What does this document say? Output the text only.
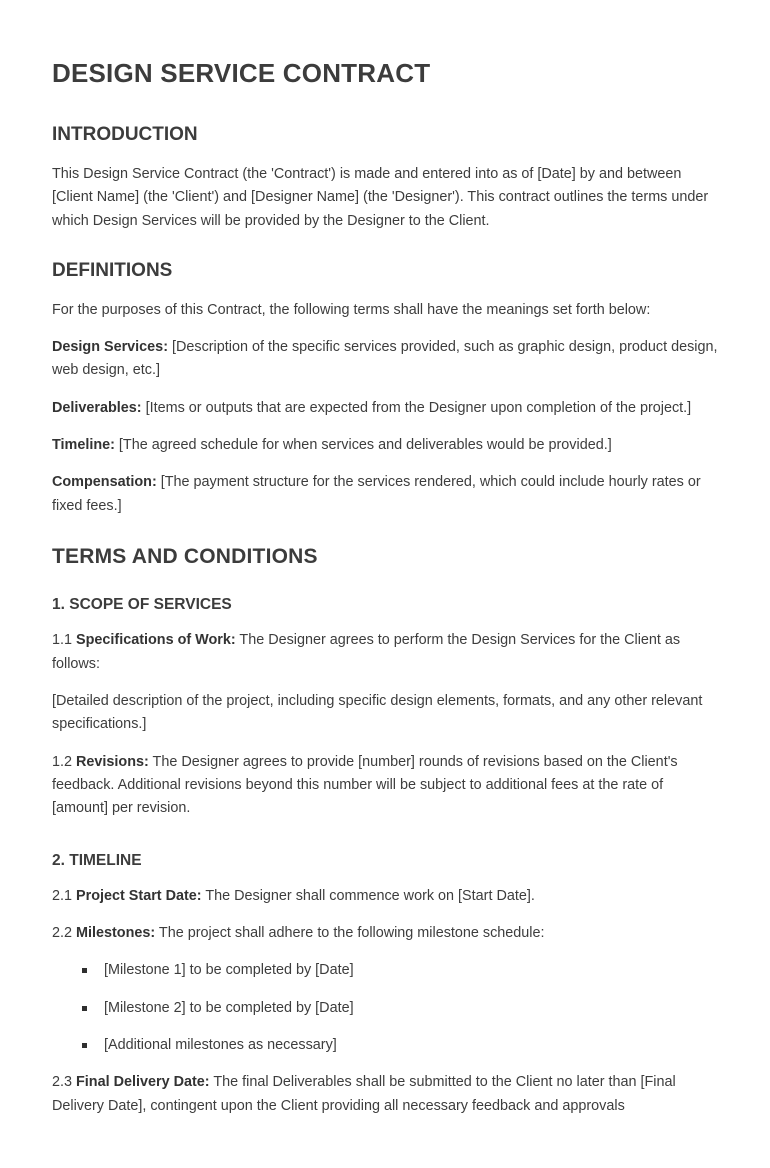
DESIGN SERVICE CONTRACT
INTRODUCTION

This Design Service Contract (the 'Contract') is made and entered into as of [Date] by and between [Client Name] (the 'Client') and [Designer Name] (the 'Designer'). This contract outlines the terms under which Design Services will be provided by the Designer to the Client.

DEFINITIONS

For the purposes of this Contract, the following terms shall have the meanings set forth below:

Design Services: [Description of the specific services provided, such as graphic design, product design, web design, etc.]

Deliverables: [Items or outputs that are expected from the Designer upon completion of the project.]

Timeline: [The agreed schedule for when services and deliverables would be provided.]

Compensation: [The payment structure for the services rendered, which could include hourly rates or fixed fees.]

TERMS AND CONDITIONS
1. SCOPE OF SERVICES

1.1 Specifications of Work: The Designer agrees to perform the Design Services for the Client as follows:

[Detailed description of the project, including specific design elements, formats, and any other relevant specifications.]

1.2 Revisions: The Designer agrees to provide [number] rounds of revisions based on the Client's feedback. Additional revisions beyond this number will be subject to additional fees at the rate of [amount] per revision.

2. TIMELINE

2.1 Project Start Date: The Designer shall commence work on [Start Date].

2.2 Milestones: The project shall adhere to the following milestone schedule:

[Milestone 1] to be completed by [Date]
[Milestone 2] to be completed by [Date]
[Additional milestones as necessary]

2.3 Final Delivery Date: The final Deliverables shall be submitted to the Client no later than [Final Delivery Date], contingent upon the Client providing all necessary feedback and approvals
